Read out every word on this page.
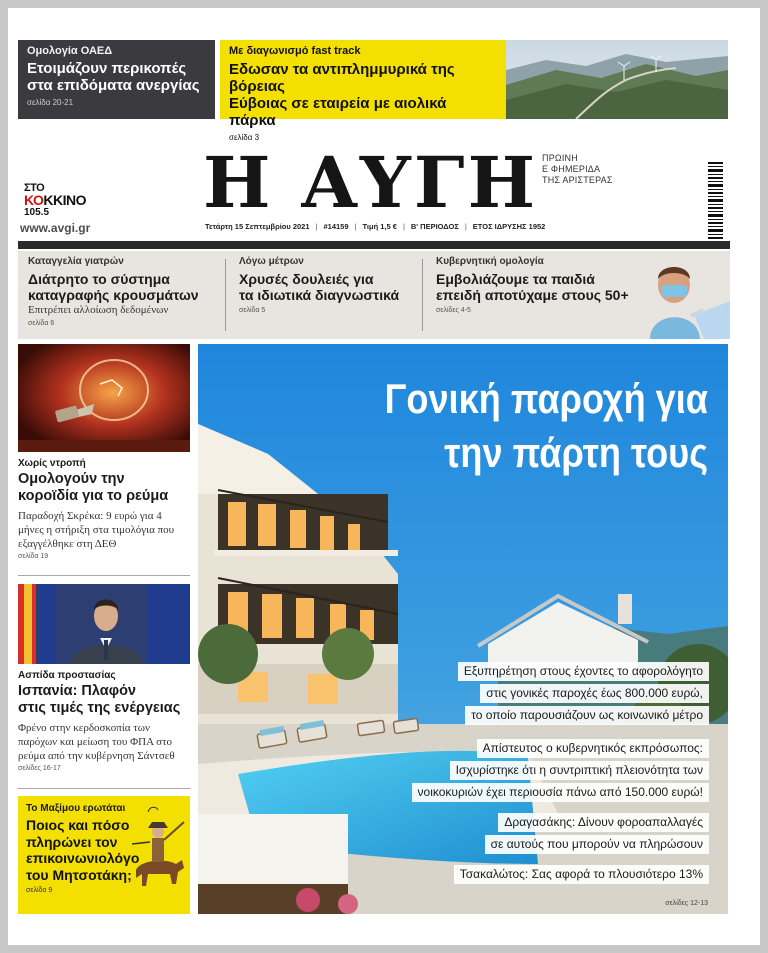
Ομολογία ΟΑΕΔ
Ετοιμάζουν περικοπές
στα επιδόματα ανεργίας
σελίδα 20-21
Με διαγωνισμό fast track
Εδωσαν τα αντιπλημμυρικά της βόρειας
Εύβοιας σε εταιρεία με αιολικά πάρκα
σελίδα 3
ΣΤΟ
ΚΟΚΚΙΝΟ
105.5
www.avgi.gr
Η ΑΥΓΗ ΠΡΩΙΝΗ
Ε ΦΗΜΕΡΙΔΑ
ΤΗΣ ΑΡΙΣΤΕΡΑΣ
Τετάρτη 15 Σεπτεμβρίου 2021 | #14159 | Τιμή 1,5 € | Β' ΠΕΡΙΟΔΟΣ | ΕΤΟΣ ΙΔΡΥΣΗΣ 1952
Καταγγελία γιατρών
Διάτρητο το σύστημα
καταγραφής κρουσμάτων
Επιτρέπει αλλοίωση δεδομένων
σελίδα 6
Λόγω μέτρων
Χρυσές δουλειές για
τα ιδιωτικά διαγνωστικά
σελίδα 5
Κυβερνητική ομολογία
Εμβολιάζουμε τα παιδιά
επειδή αποτύχαμε στους 50+
σελίδες 4-5
Χωρίς ντροπή
Ομολογούν την
κοροϊδία για το ρεύμα
Παραδοχή Σκρέκα: 9 ευρώ για 4
μήνες η στήριξη στα τιμολόγια που
εξαγγέλθηκε στη ΔΕΘ
σελίδα 19
Ασπίδα προστασίας
Ισπανία: Πλαφόν
στις τιμές της ενέργειας
Φρένο στην κερδοσκοπία των
παρόχων και μείωση του ΦΠΑ στο
ρεύμα από την κυβέρνηση Σάντσεθ
σελίδες 16-17
Το Μαξίμου ερωτάται
Ποιος και πόσο
πληρώνει τον
επικοινωνιολόγο
του Μητσοτάκη;
σελίδα 9
Γονική παροχή για
την πάρτη τους
Εξυπηρέτηση στους έχοντες το αφορολόγητο
στις γονικές παροχές έως 800.000 ευρώ,
το οποίο παρουσιάζουν ως κοινωνικό μέτρο
Απίστευτος ο κυβερνητικός εκπρόσωπος:
Ισχυρίστηκε ότι η συντριπτική πλειονότητα των
νοικοκυριών έχει περιουσία πάνω από 150.000 ευρώ!
Δραγασάκης: Δίνουν φοροαπαλλαγές
σε αυτούς που μπορούν να πληρώσουν
Τσακαλώτος: Σας αφορά το πλουσιότερο 13%
σελίδες 12-13
